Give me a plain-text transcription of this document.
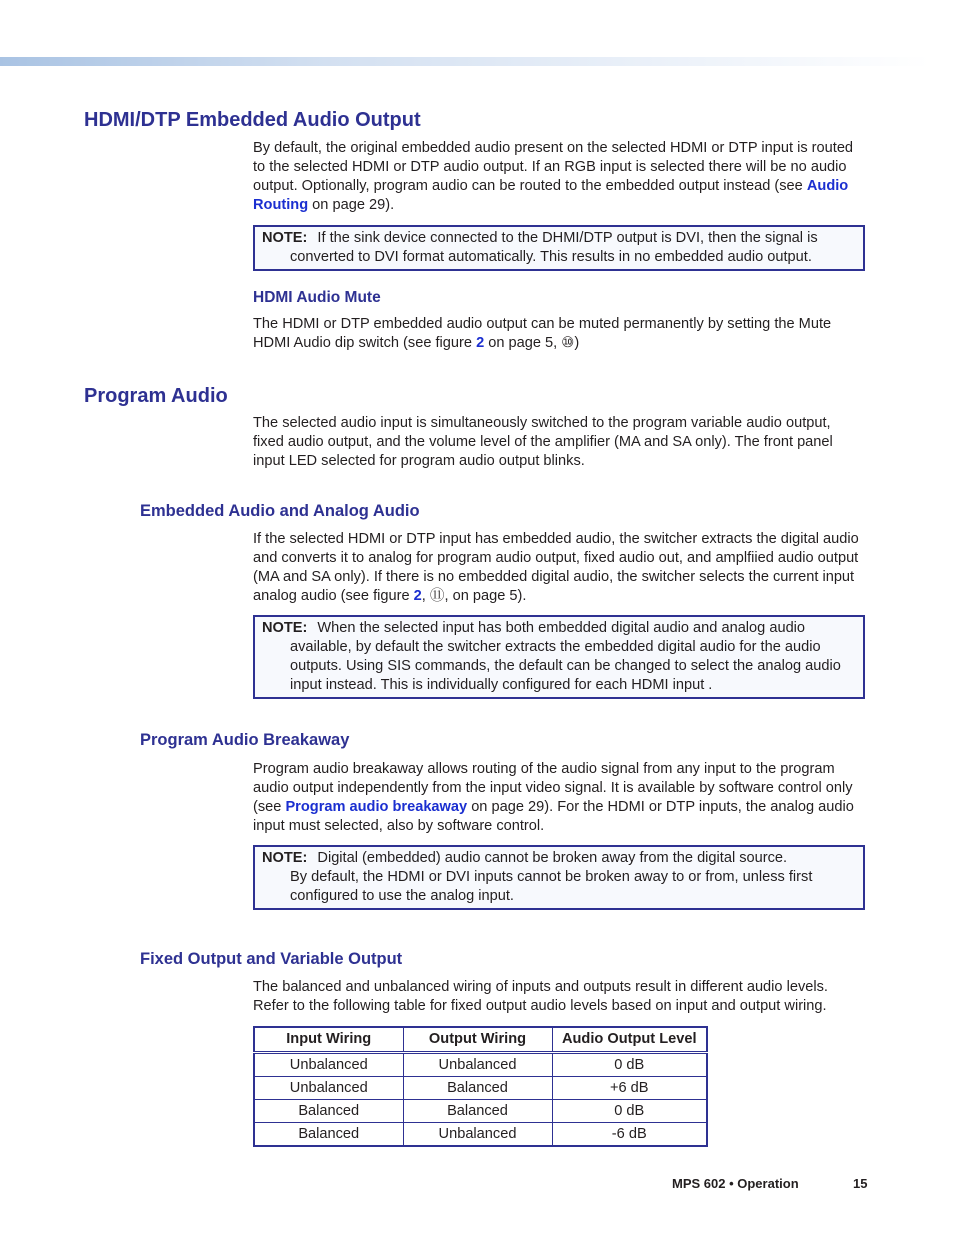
HDMI/DTP Embedded Audio Output

By default, the original embedded audio present on the selected HDMI or DTP input is routed to the selected HDMI or DTP audio output. If an RGB input is selected there will be no audio output. Optionally, program audio can be routed to the embedded output instead (see Audio Routing on page 29).

NOTE: If the sink device connected to the DHMI/DTP output is DVI, then the signal is converted to DVI format automatically. This results in no embedded audio output.

HDMI Audio Mute

The HDMI or DTP embedded audio output can be muted permanently by setting the Mute HDMI Audio dip switch (see figure 2 on page 5, ⑩)

Program Audio

The selected audio input is simultaneously switched to the program variable audio output, fixed audio output, and the volume level of the amplifier (MA and SA only). The front panel input LED selected for program audio output blinks.

Embedded Audio and Analog Audio

If the selected HDMI or DTP input has embedded audio, the switcher extracts the digital audio and converts it to analog for program audio output, fixed audio out, and amplfiied audio output (MA and SA only). If there is no embedded digital audio, the switcher selects the current input analog audio (see figure 2, ⑪, on page 5).

NOTE: When the selected input has both embedded digital audio and analog audio available, by default the switcher extracts the embedded digital audio for the audio outputs. Using SIS commands, the default can be changed to select the analog audio input instead. This is individually configured for each HDMI input .

Program Audio Breakaway

Program audio breakaway allows routing of the audio signal from any input to the program audio output independently from the input video signal. It is available by software control only (see Program audio breakaway on page 29). For the HDMI or DTP inputs, the analog audio input must selected, also by software control.

NOTE: Digital (embedded) audio cannot be broken away from the digital source.

By default, the HDMI or DVI inputs cannot be broken away to or from, unless first configured to use the analog input.

Fixed Output and Variable Output

The balanced and unbalanced wiring of inputs and outputs result in different audio levels. Refer to the following table for fixed output audio levels based on input and output wiring.

Input Wiring	Output Wiring	Audio Output Level
Unbalanced	Unbalanced	0 dB
Unbalanced	Balanced	+6 dB
Balanced	Balanced	0 dB
Balanced	Unbalanced	-6 dB
MPS 602 • Operation	15
